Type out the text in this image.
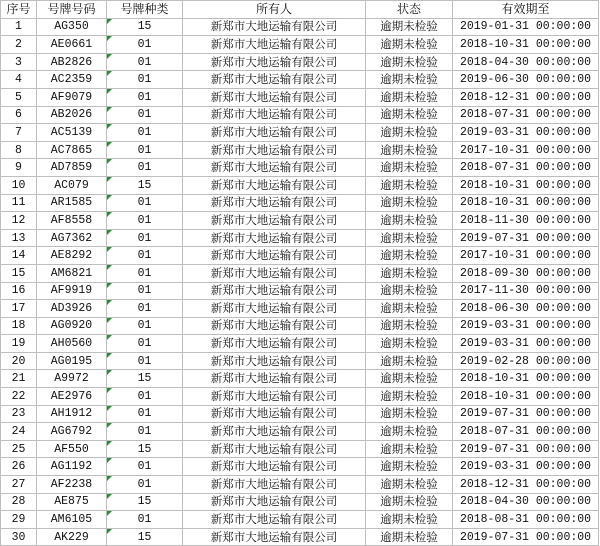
序号	号牌号码	号牌种类	所有人	状态	有效期至
1	AG350	15	新郑市大地运输有限公司	逾期未检验	2019-01-31 00:00:00
2	AE0661	01	新郑市大地运输有限公司	逾期未检验	2018-10-31 00:00:00
3	AB2826	01	新郑市大地运输有限公司	逾期未检验	2018-04-30 00:00:00
4	AC2359	01	新郑市大地运输有限公司	逾期未检验	2019-06-30 00:00:00
5	AF9079	01	新郑市大地运输有限公司	逾期未检验	2018-12-31 00:00:00
6	AB2026	01	新郑市大地运输有限公司	逾期未检验	2018-07-31 00:00:00
7	AC5139	01	新郑市大地运输有限公司	逾期未检验	2019-03-31 00:00:00
8	AC7865	01	新郑市大地运输有限公司	逾期未检验	2017-10-31 00:00:00
9	AD7859	01	新郑市大地运输有限公司	逾期未检验	2018-07-31 00:00:00
10	AC079	15	新郑市大地运输有限公司	逾期未检验	2018-10-31 00:00:00
11	AR1585	01	新郑市大地运输有限公司	逾期未检验	2018-10-31 00:00:00
12	AF8558	01	新郑市大地运输有限公司	逾期未检验	2018-11-30 00:00:00
13	AG7362	01	新郑市大地运输有限公司	逾期未检验	2019-07-31 00:00:00
14	AE8292	01	新郑市大地运输有限公司	逾期未检验	2017-10-31 00:00:00
15	AM6821	01	新郑市大地运输有限公司	逾期未检验	2018-09-30 00:00:00
16	AF9919	01	新郑市大地运输有限公司	逾期未检验	2017-11-30 00:00:00
17	AD3926	01	新郑市大地运输有限公司	逾期未检验	2018-06-30 00:00:00
18	AG0920	01	新郑市大地运输有限公司	逾期未检验	2019-03-31 00:00:00
19	AH0560	01	新郑市大地运输有限公司	逾期未检验	2019-03-31 00:00:00
20	AG0195	01	新郑市大地运输有限公司	逾期未检验	2019-02-28 00:00:00
21	A9972	15	新郑市大地运输有限公司	逾期未检验	2018-10-31 00:00:00
22	AE2976	01	新郑市大地运输有限公司	逾期未检验	2018-10-31 00:00:00
23	AH1912	01	新郑市大地运输有限公司	逾期未检验	2019-07-31 00:00:00
24	AG6792	01	新郑市大地运输有限公司	逾期未检验	2018-07-31 00:00:00
25	AF550	15	新郑市大地运输有限公司	逾期未检验	2019-07-31 00:00:00
26	AG1192	01	新郑市大地运输有限公司	逾期未检验	2019-03-31 00:00:00
27	AF2238	01	新郑市大地运输有限公司	逾期未检验	2018-12-31 00:00:00
28	AE875	15	新郑市大地运输有限公司	逾期未检验	2018-04-30 00:00:00
29	AM6105	01	新郑市大地运输有限公司	逾期未检验	2018-08-31 00:00:00
30	AK229	15	新郑市大地运输有限公司	逾期未检验	2019-07-31 00:00:00
